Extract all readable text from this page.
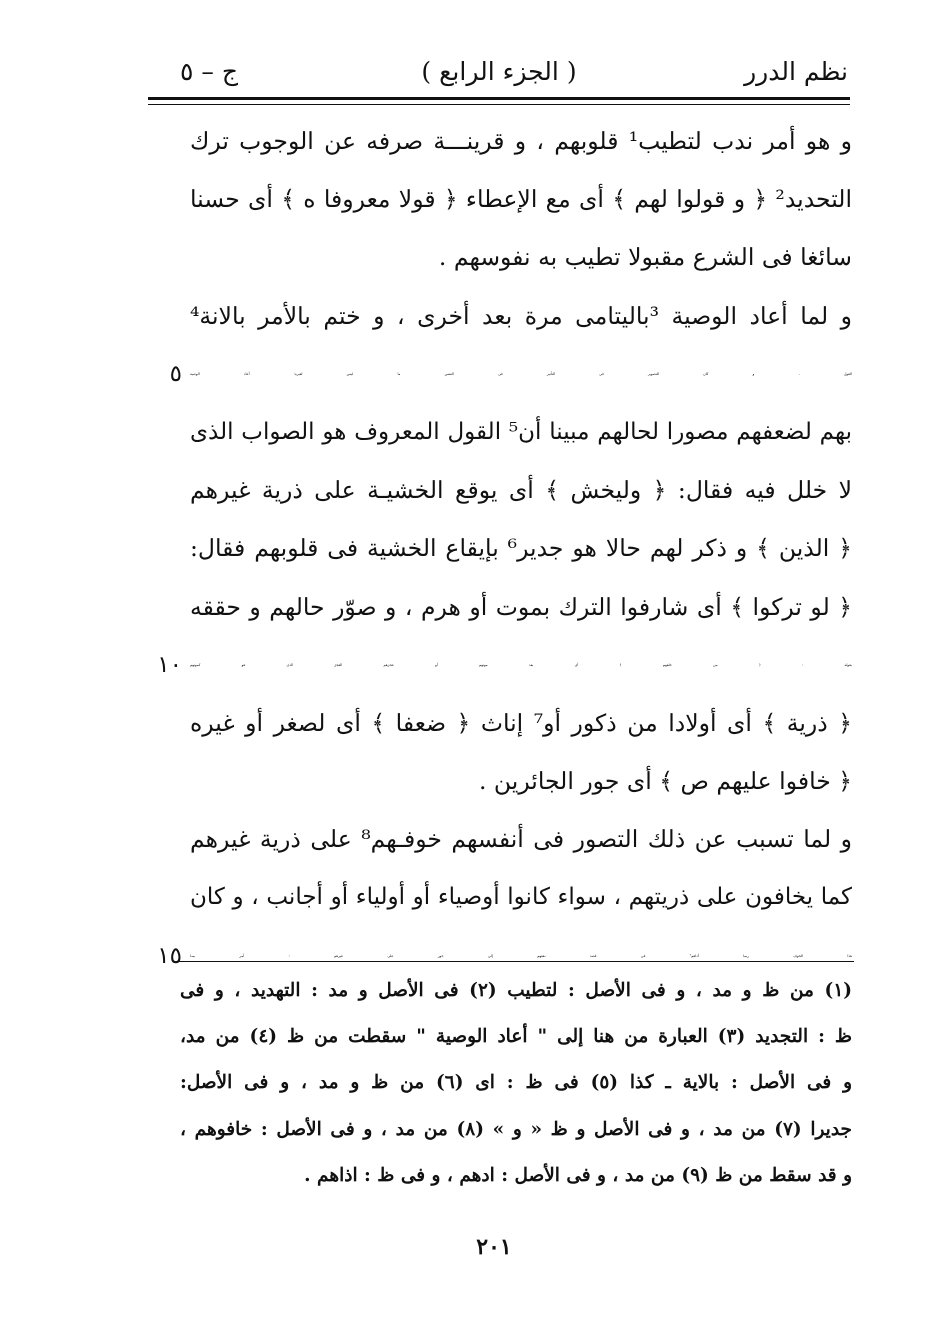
نظم الدرر
( الجزء الرابع )
ج – ٥
و هو أمر ندب لتطيب¹ قلوبهم ، و قرينـــة صرفه عن الوجوب ترك
التحديد² ﴿ و قولوا لهم ﴾ أى مع الإعطاء ﴿ قولا معروفا ه ﴾ أى حسنا
سائغا فى الشرع مقبولا تطيب به نفوسهم .
و لما أعاد الوصية ³باليتامى مرة بعد أخرى ، و ختم بالأمر بالانة⁴
القول ، و كان للتصوير فى التأثير فى النفس ما ليس لغيره؛ أعاد الوصية
٥
بهم لضعفهم مصورا لحالهم مبينا أن⁵ القول المعروف هو الصواب الذى
لا خلل فيه فقال: ﴿ وليخش ﴾ أى يوقع الخشيـة على ذرية غيرهم
﴿ الذين ﴾ و ذكر لهم حالا هو جدير⁶ بإيقاع الخشية فى قلوبهم فقال:
﴿ لو تركوا ﴾ أى شارفوا الترك بموت أو هرم ، و صوّر حالهم و حققه
بقوله : ﴿ من خلفهم ﴾ أى بعد موتهم أو عجزهم العجزَ الذى هو كموتهم
١٠
﴿ ذرية ﴾ أى أولادا من ذكور أو⁷ إناث ﴿ ضعفا ﴾ أى لصغر أو غيره
﴿ خافوا عليهم ص ﴾ أى جور الجائرين .
و لما تسبب عن ذلك التصور فى أنفسهم خوفـهم⁸ على ذرية غيرهم
كما يخافون على ذريتهم ، سواء كانوا أوصياء أو أولياء أو أجانب ، و كان
هذا الخوف ربما أداهم⁹ فى قصد نفعهم إلى جور على غيرهم ؛ أمر بمـا
١٥
(١) من ظ و مد ، و فى الأصل : لتطيب (٢) فى الأصل و مد : التهديد ، و فى
ظ : التجديد (٣) العبارة من هنا إلى " أعاد الوصية " سقطت من ظ (٤) من مد،
و فى الأصل : بالاية ـ كذا (٥) فى ظ : اى (٦) من ظ و مد ، و فى الأصل:
جديرا (٧) من مد ، و فى الأصل و ظ « و » (٨) من مد ، و فى الأصل : خافوهم ،
و قد سقط من ظ (٩) من مد ، و فى الأصل : ادهم ، و فى ظ : اذاهم .
٢٠١
